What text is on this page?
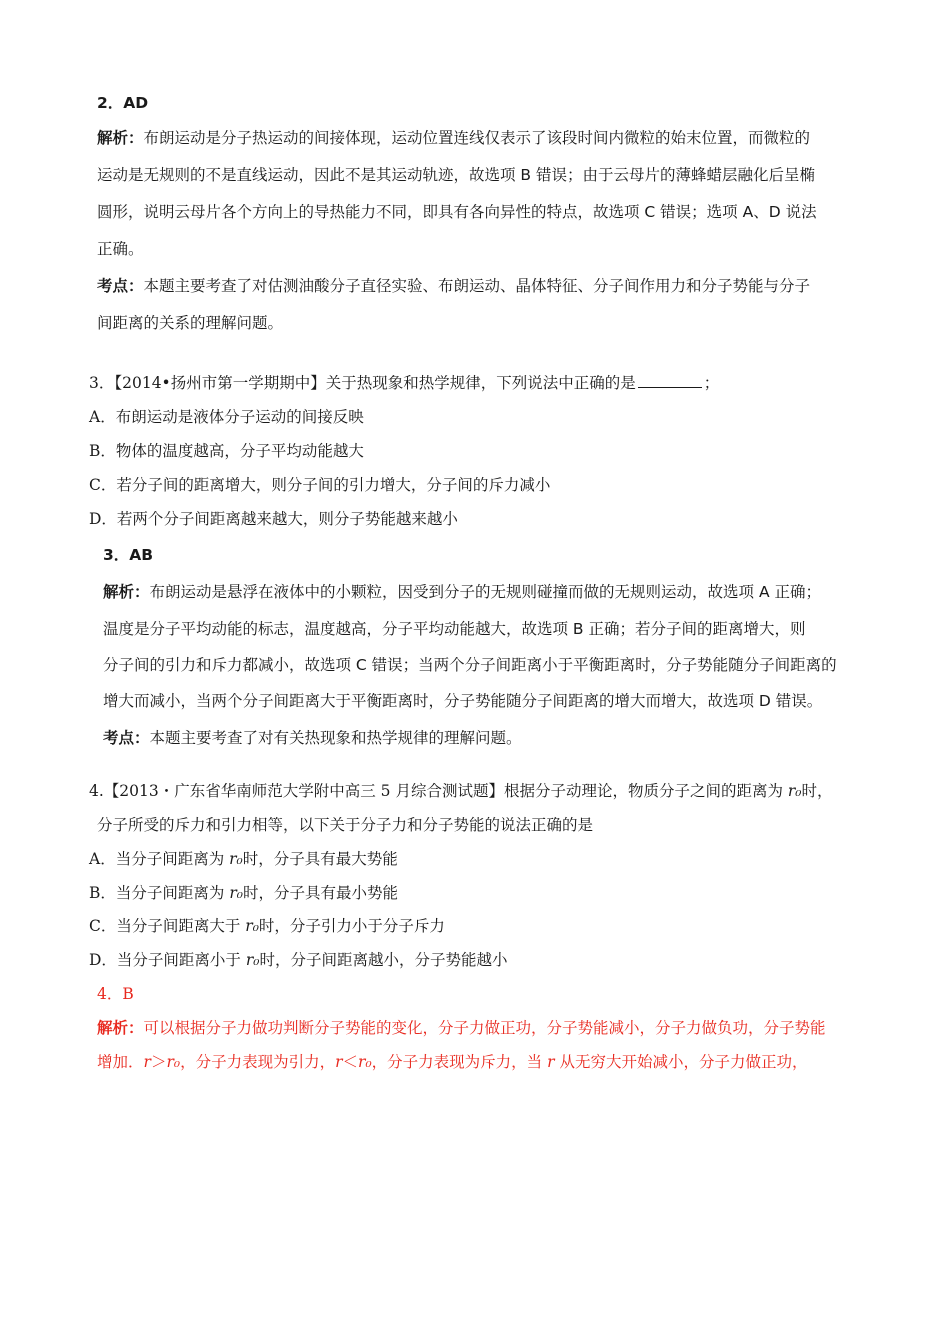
2．AD
解析：布朗运动是分子热运动的间接体现，运动位置连线仅表示了该段时间内微粒的始末位置，而微粒的
运动是无规则的不是直线运动，因此不是其运动轨迹，故选项 B 错误；由于云母片的薄蜂蜡层融化后呈椭
圆形，说明云母片各个方向上的导热能力不同，即具有各向异性的特点，故选项 C 错误；选项 A、D 说法
正确。
考点：本题主要考查了对估测油酸分子直径实验、布朗运动、晶体特征、分子间作用力和分子势能与分子
间距离的关系的理解问题。
3．【2014•扬州市第一学期期中】关于热现象和热学规律，下列说法中正确的是	；
A．布朗运动是液体分子运动的间接反映
B．物体的温度越高，分子平均动能越大
C．若分子间的距离增大，则分子间的引力增大，分子间的斥力减小
D．若两个分子间距离越来越大，则分子势能越来越小
3．AB
解析：布朗运动是悬浮在液体中的小颗粒，因受到分子的无规则碰撞而做的无规则运动，故选项 A 正确；
温度是分子平均动能的标志，温度越高，分子平均动能越大，故选项 B 正确；若分子间的距离增大，则
分子间的引力和斥力都减小，故选项 C 错误；当两个分子间距离小于平衡距离时，分子势能随分子间距离的
增大而减小，当两个分子间距离大于平衡距离时，分子势能随分子间距离的增大而增大，故选项 D 错误。
考点：本题主要考查了对有关热现象和热学规律的理解问题。
4.【2013・广东省华南师范大学附中高三 5 月综合测试题】根据分子动理论，物质分子之间的距离为 r₀时，
分子所受的斥力和引力相等，以下关于分子力和分子势能的说法正确的是
A．当分子间距离为 r₀时，分子具有最大势能
B．当分子间距离为 r₀时，分子具有最小势能
C．当分子间距离大于 r₀时，分子引力小于分子斥力
D．当分子间距离小于 r₀时，分子间距离越小，分子势能越小
4．B
解析：可以根据分子力做功判断分子势能的变化，分子力做正功，分子势能减小，分子力做负功，分子势能
增加．r＞r₀，分子力表现为引力，r＜r₀，分子力表现为斥力，当 r 从无穷大开始减小，分子力做正功，
